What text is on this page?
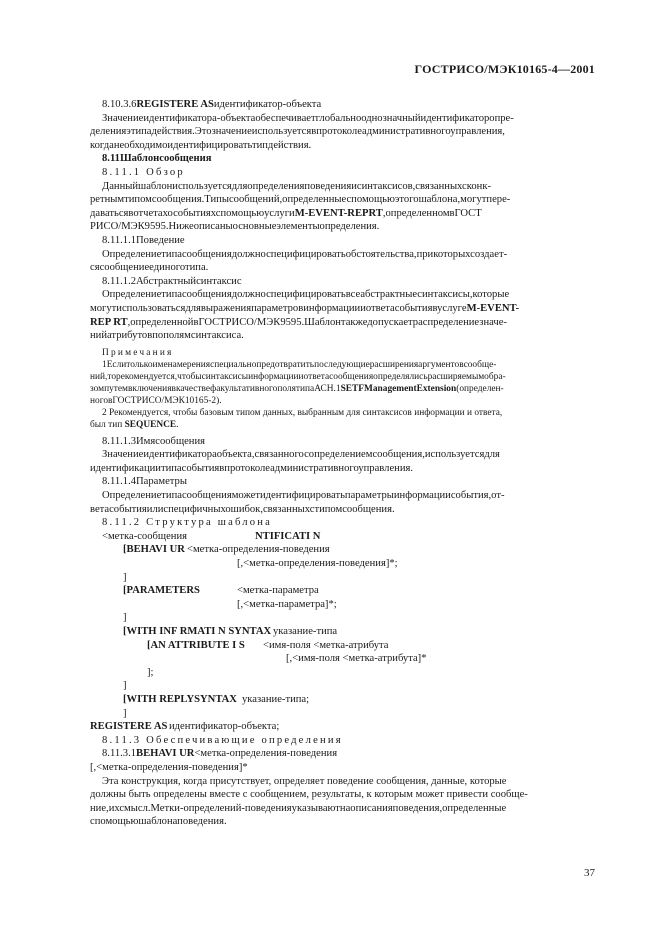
ГОСТРИСО/МЭК10165-4—2001
8.10.3.6REGISTERE ASидентификатор-объекта
Значениеидентификатора-объектаобеспечиваетглобальнооднозначныйидентификаторопре-
деленияэтипадействия.Этозначениеиспользуетсявпротоколеадминистративногоуправления,
когданеобходимоидентифицироватьтипдействия.
8.11Шаблонсообщения
8.11.1 Обзор
Данныйшаблониспользуетсядляопределенияповеденияисинтаксисов,связанныхсконк-
ретнымтипомсообщения.Типысообщений,определенныеспомощьюэтогошаблона,могутпере-
даватьсявотчетахособытияхспомощьюуслугиM-EVENT-REPRT,определенномвГОСТ
РИСО/МЭК9595.Нижеописаныосновныеэлементыопределения.
8.11.1.1Поведение
Определениетипасообщениядолжноспецифицироватьобстоятельства,прикоторыхсоздает-
сясообщениеединоготипа.
8.11.1.2Абстрактныйсинтаксис
Определениетипасообщениядолжноспецифицироватьвсеабстрактныесинтаксисы,которые
могутиспользоватьсядлявыраженияпараметровинформациииответасобытиявуслугеM-EVENT-
REP RT,определеннойвГОСТРИСО/МЭК9595.Шаблонтакжедопускаетраспределениезначе-
нийатрибутовпополямсинтаксиса.
Примечания
1Еслитолькоименамеренияспециальнопредотвратитьпоследующиерасширенияаргументовсообще-
ний,торекомендуется,чтобысинтаксисыинформациииответасообщенияопределялисьрасширяемымобра-
зомпутемвключениявкачествефакультативногополятипаАСН.1SETFManagementExtension(определен-
ноговГОСТРИСО/МЭК10165-2).
2 Рекомендуется, чтобы базовым типом данных, выбранным для синтаксисов информации и ответа,
был тип SEQUENCE.
8.11.1.3Имясообщения
Значениеидентификатораобъекта,связанногосопределениемсообщения,используетсядля
идентификациитипасобытиявпротоколеадминистративногоуправления.
8.11.1.4Параметры
Определениетипасообщенияможетидентифицироватьпараметрыинформациисобытия,от-
ветасобытияилиспецифичныхошибок,связанныхстипомсообщения.
8.11.2 Структура шаблона
<метка-сообщения	NTIFICATI N
[BEHAVI UR <метка-определения-поведения
[,<метка-определения-поведения]*;
]
[PARAMETERS	<метка-параметра
[,<метка-параметра]*;
]
[WITH INF RMATI N SYNTAX указание-типа
[AN ATTRIBUTE I S <имя-поля <метка-атрибута
[,<имя-поля <метка-атрибута]*
];
]
[WITH REPLYSYNTAX указание-типа;
]
REGISTERE AS идентификатор-объекта;
8.11.3 Обеспечивающие определения
8.11.3.1BEHAVI UR<метка-определения-поведения
[,<метка-определения-поведения]*
Эта конструкция, когда присутствует, определяет поведение сообщения, данные, которые
должны быть определены вместе с сообщением, результаты, к которым может привести сообще-
ние,ихсмысл.Метки-определений-поведенияуказываютнаописанияповедения,определенные
спомощьюшаблонаповедения.
37
